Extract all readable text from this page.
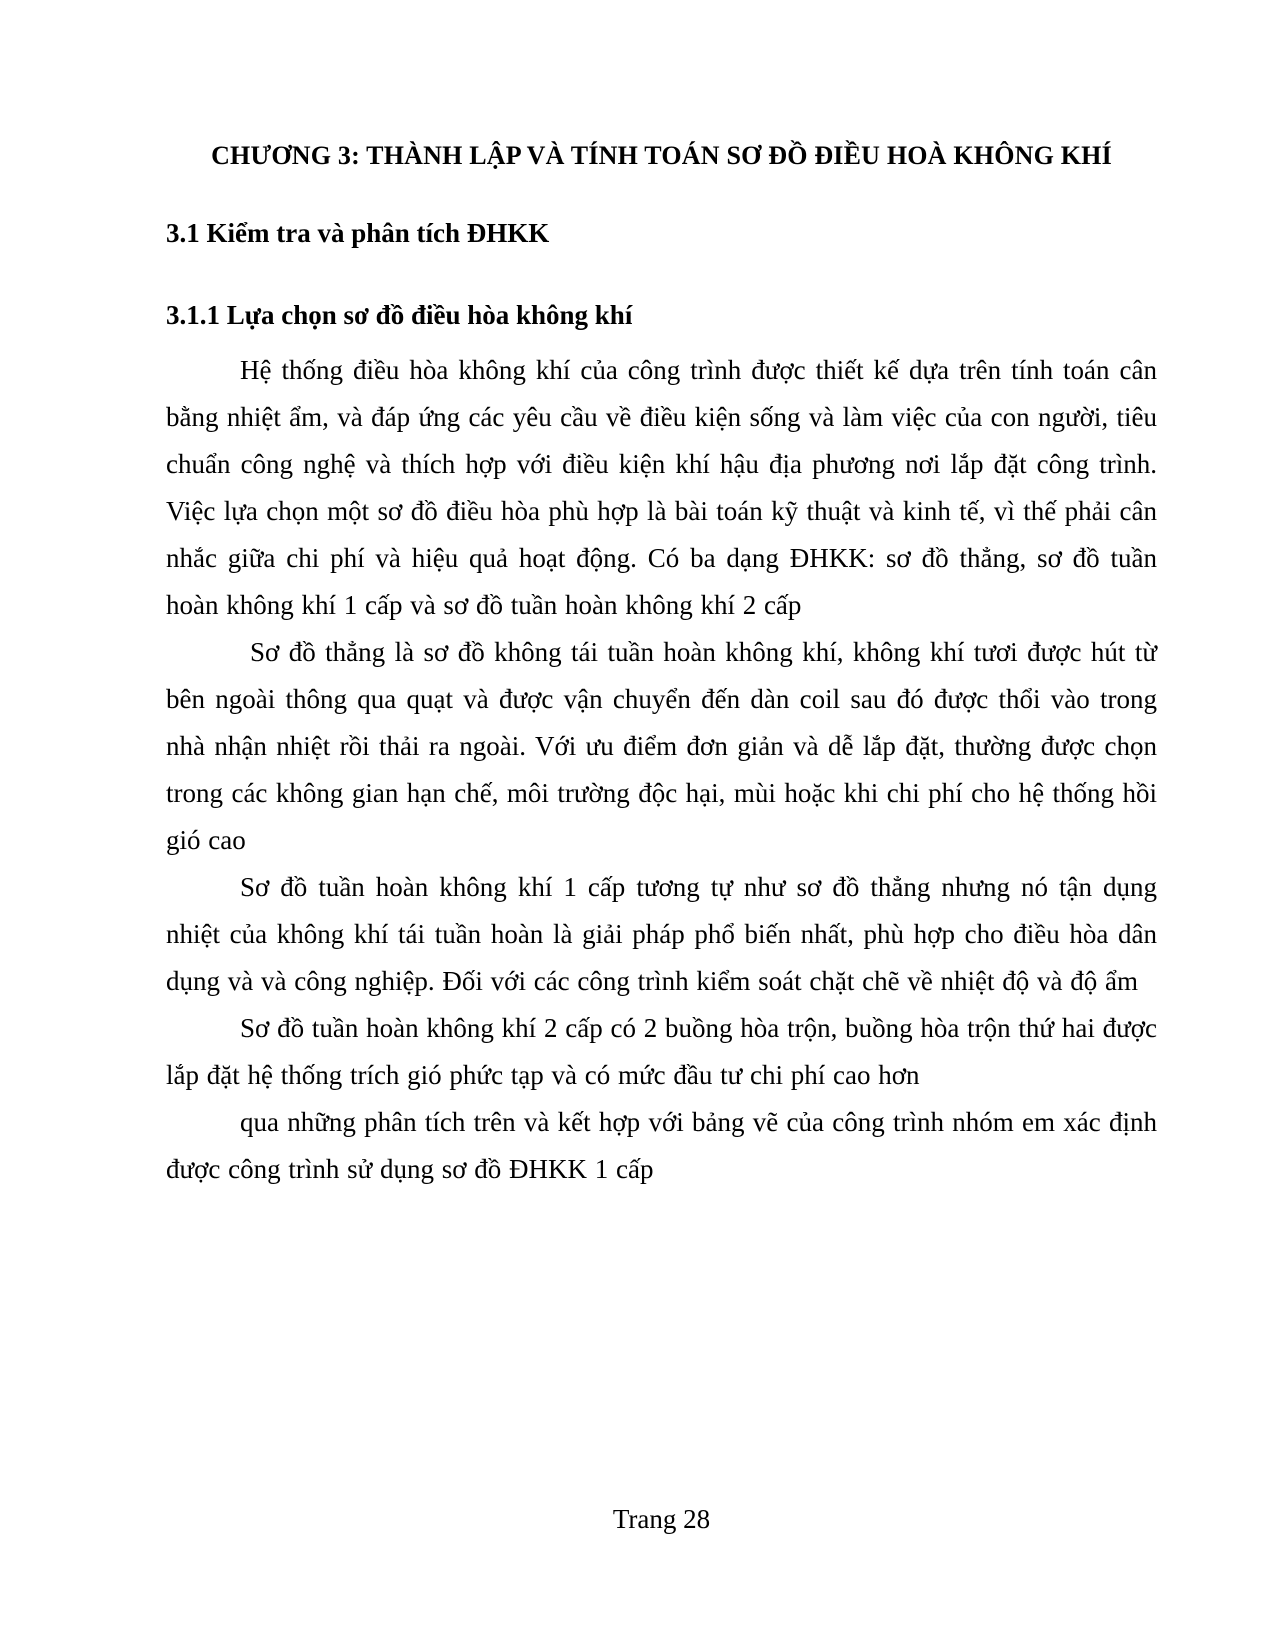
CHƯƠNG 3: THÀNH LẬP VÀ TÍNH TOÁN SƠ ĐỒ ĐIỀU HOÀ KHÔNG KHÍ
3.1 Kiểm tra và phân tích ĐHKK
3.1.1 Lựa chọn sơ đồ điều hòa không khí

Hệ thống điều hòa không khí của công trình được thiết kế dựa trên tính toán cân bằng nhiệt ẩm, và đáp ứng các yêu cầu về điều kiện sống và làm việc của con người, tiêu chuẩn công nghệ và thích hợp với điều kiện khí hậu địa phương nơi lắp đặt công trình. Việc lựa chọn một sơ đồ điều hòa phù hợp là bài toán kỹ thuật và kinh tế, vì thế phải cân nhắc giữa chi phí và hiệu quả hoạt động. Có ba dạng ĐHKK: sơ đồ thẳng, sơ đồ tuần hoàn không khí 1 cấp và sơ đồ tuần hoàn không khí 2 cấp

Sơ đồ thẳng là sơ đồ không tái tuần hoàn không khí, không khí tươi được hút từ bên ngoài thông qua quạt và được vận chuyển đến dàn coil sau đó được thổi vào trong nhà nhận nhiệt rồi thải ra ngoài. Với ưu điểm đơn giản và dễ lắp đặt, thường được chọn trong các không gian hạn chế, môi trường độc hại, mùi hoặc khi chi phí cho hệ thống hồi gió cao

Sơ đồ tuần hoàn không khí 1 cấp tương tự như sơ đồ thẳng nhưng nó tận dụng nhiệt của không khí tái tuần hoàn là giải pháp phổ biến nhất, phù hợp cho điều hòa dân dụng và và công nghiệp. Đối với các công trình kiểm soát chặt chẽ về nhiệt độ và độ ẩm

Sơ đồ tuần hoàn không khí 2 cấp có 2 buồng hòa trộn, buồng hòa trộn thứ hai được lắp đặt hệ thống trích gió phức tạp và có mức đầu tư chi phí cao hơn

qua những phân tích trên và kết hợp với bảng vẽ của công trình nhóm em xác định được công trình sử dụng sơ đồ ĐHKK 1 cấp

Trang 28
